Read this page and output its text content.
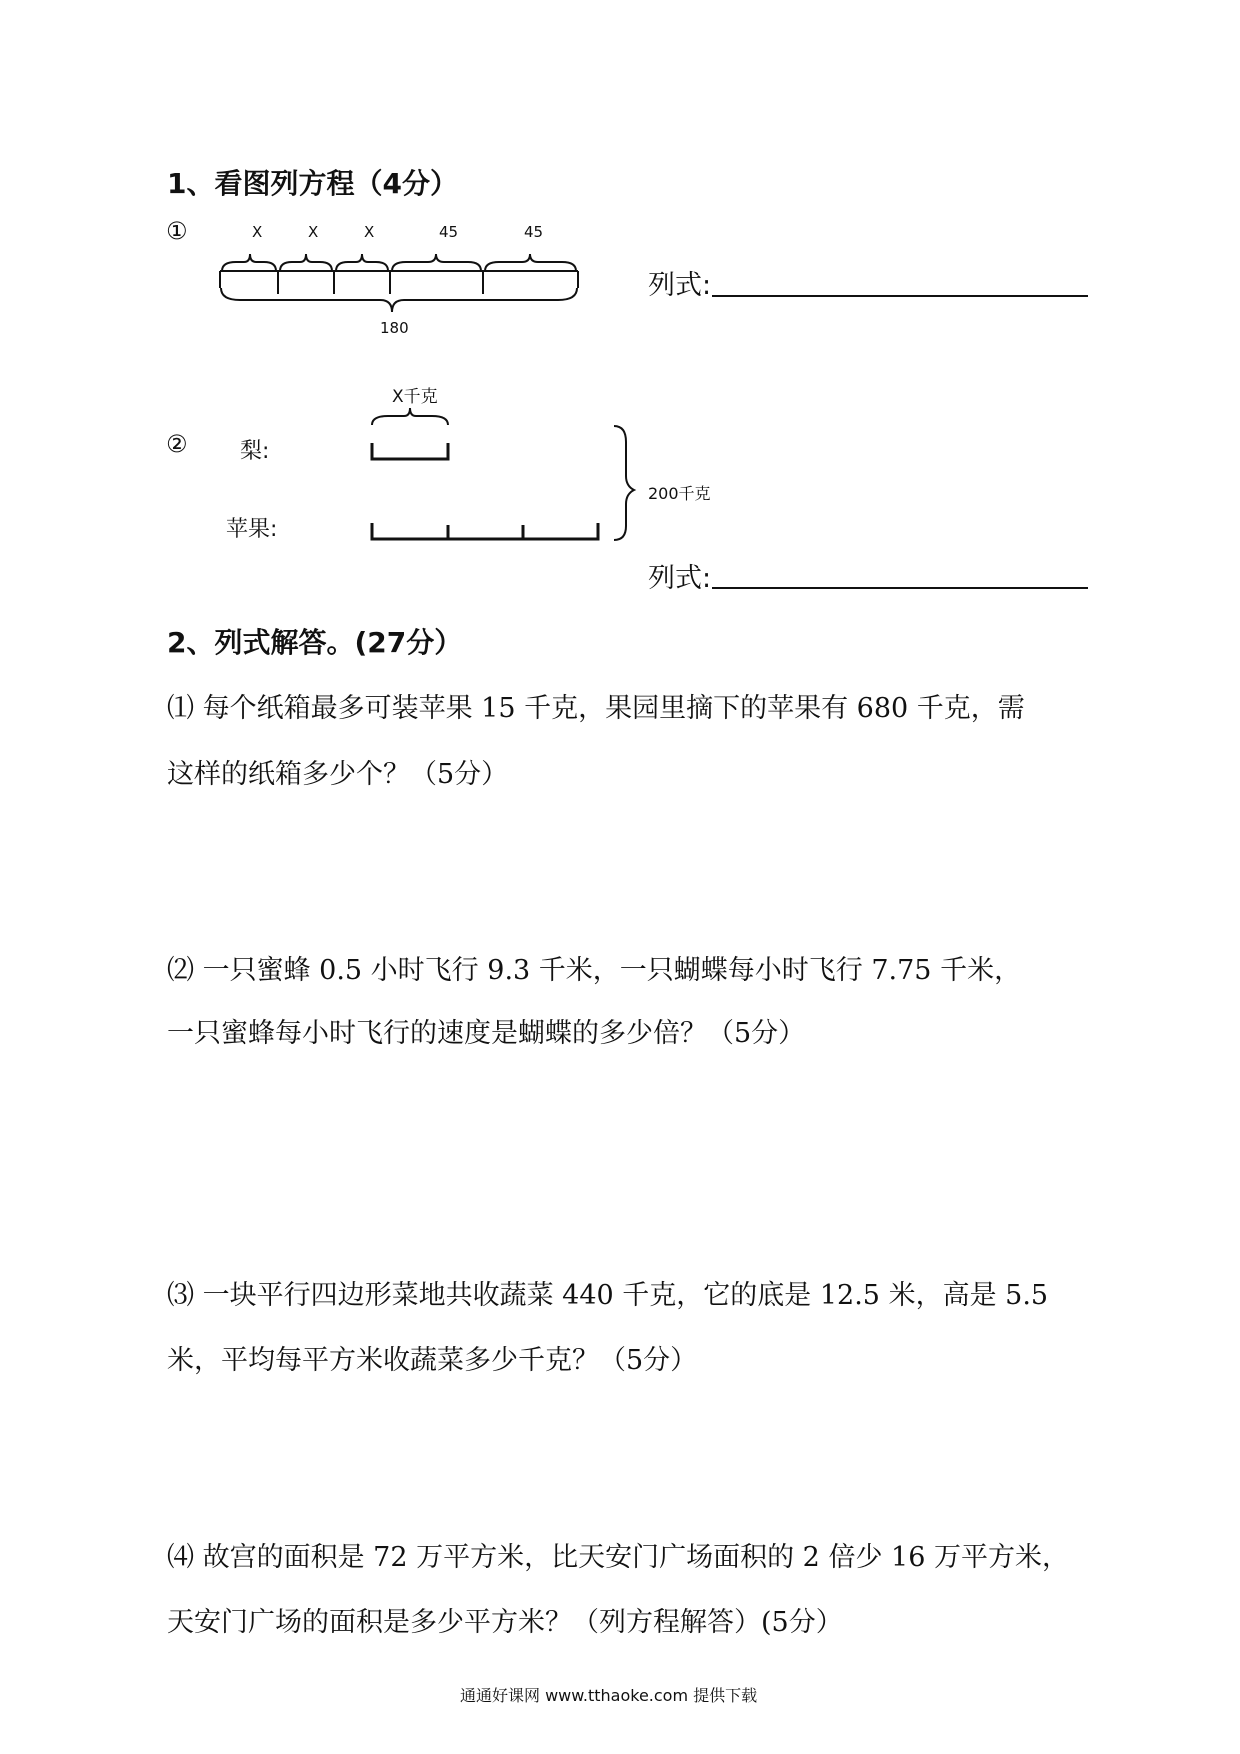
1、看图列方程（4分）
①	X	X	X	45	45
180
列式:
X千克
② 梨:
苹果:
200千克
列式:
2、列式解答。(27分）
⑴ 每个纸箱最多可装苹果 15 千克，果园里摘下的苹果有 680 千克，需
这样的纸箱多少个？（5分）
⑵ 一只蜜蜂 0.5 小时飞行 9.3 千米，一只蝴蝶每小时飞行 7.75 千米，
一只蜜蜂每小时飞行的速度是蝴蝶的多少倍？（5分）
⑶ 一块平行四边形菜地共收蔬菜 440 千克，它的底是 12.5 米，高是 5.5
米，平均每平方米收蔬菜多少千克？（5分）
⑷ 故宫的面积是 72 万平方米，比天安门广场面积的 2 倍少 16 万平方米，
天安门广场的面积是多少平方米？（列方程解答）(5分）
通通好课网 www.tthaoke.com 提供下载
